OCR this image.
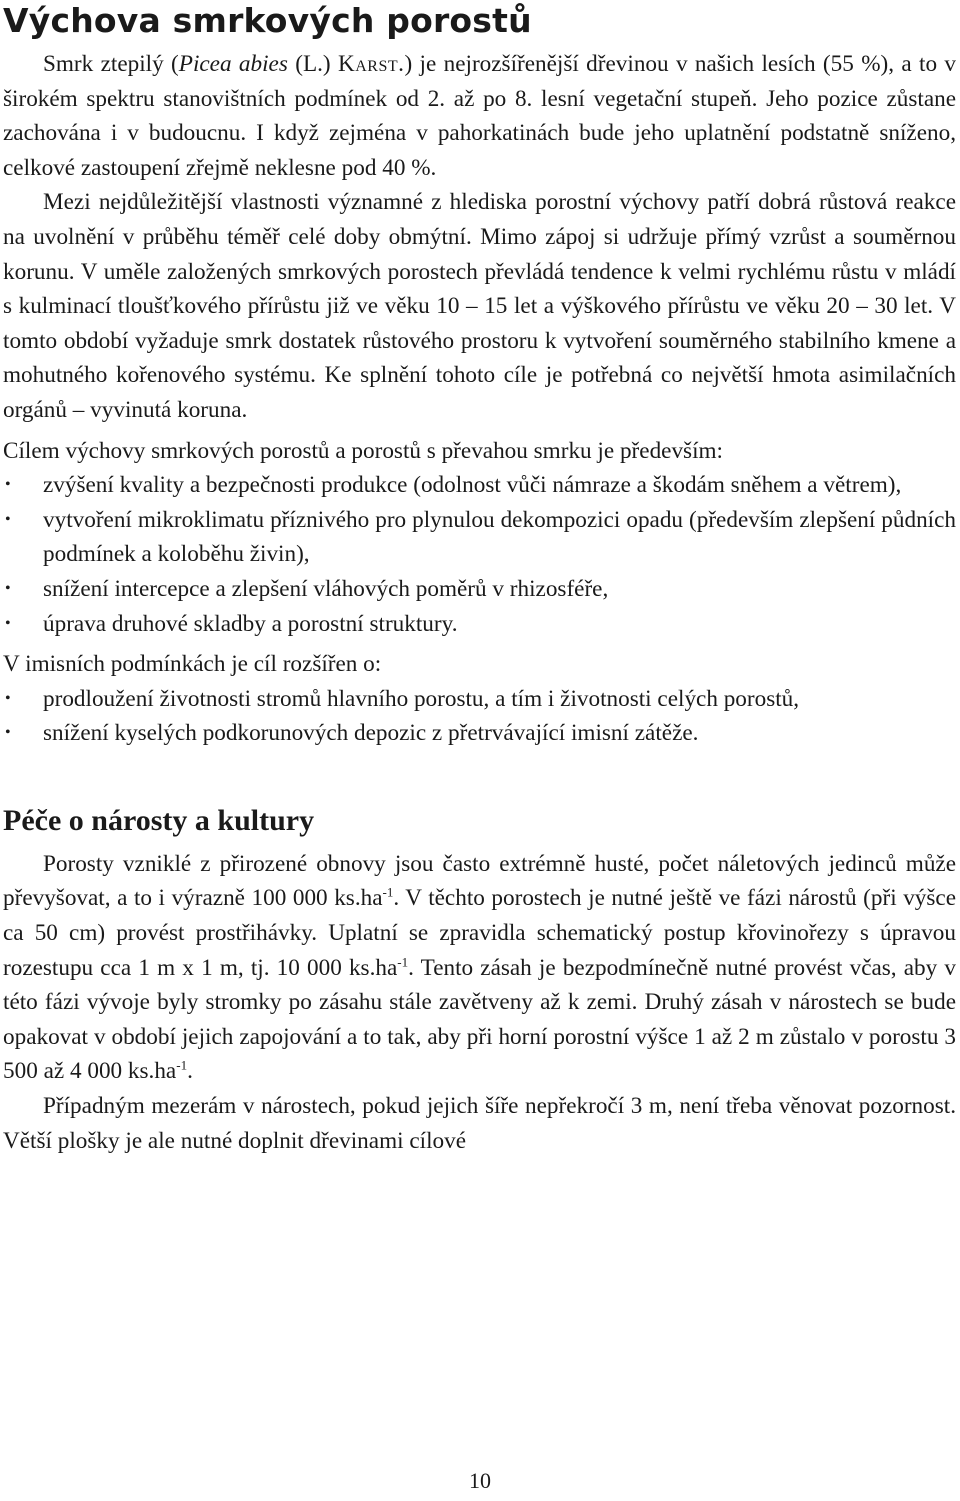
Výchova smrkových porostů

Smrk ztepilý (Picea abies (L.) Karst.) je nejrozšířenější dřevinou v našich lesích (55 %), a to v širokém spektru stanovištních podmínek od 2. až po 8. lesní vegetační stupeň. Jeho pozice zůstane zachována i v budoucnu. I když zejména v pahorkatinách bude jeho uplatnění podstatně sníženo, celkové zastoupení zřejmě neklesne pod 40 %.

Mezi nejdůležitější vlastnosti významné z hlediska porostní výchovy patří dobrá růstová reakce na uvolnění v průběhu téměř celé doby obmýtní. Mimo zápoj si udržuje přímý vzrůst a souměrnou korunu. V uměle založených smrkových porostech převládá tendence k velmi rychlému růstu v mládí s kulminací tloušťkového přírůstu již ve věku 10 – 15 let a výškového přírůstu ve věku 20 – 30 let. V tomto období vyžaduje smrk dostatek růstového prostoru k vytvoření souměrného stabilního kmene a mohutného kořenového systému. Ke splnění tohoto cíle je potřebná co největší hmota asimilačních orgánů – vyvinutá koruna.

Cílem výchovy smrkových porostů a porostů s převahou smrku je především:

• zvýšení kvality a bezpečnosti produkce (odolnost vůči námraze a škodám sněhem a větrem),
• vytvoření mikroklimatu příznivého pro plynulou dekompozici opadu (především zlepšení půdních podmínek a koloběhu živin),
• snížení intercepce a zlepšení vláhových poměrů v rhizosféře,
• úprava druhové skladby a porostní struktury.

V imisních podmínkách je cíl rozšířen o:

• prodloužení životnosti stromů hlavního porostu, a tím i životnosti celých porostů,
• snížení kyselých podkorunových depozic z přetrvávající imisní zátěže.
Péče o nárosty a kultury

Porosty vzniklé z přirozené obnovy jsou často extrémně husté, počet náletových jedinců může převyšovat, a to i výrazně 100 000 $ks.ha^{-1}$. V těchto porostech je nutné ještě ve fázi nárostů (při výšce ca 50 cm) provést prostřihávky. Uplatní se zpravidla schematický postup křovinořezy s úpravou rozestupu cca 1 m x 1 m, tj. 10 000 $ks.ha^{-1}$. Tento zásah je bezpodmínečně nutné provést včas, aby v této fázi vývoje byly stromky po zásahu stále zavětveny až k zemi. Druhý zásah v nárostech se bude opakovat v období jejich zapojování a to tak, aby při horní porostní výšce 1 až 2 m zůstalo v porostu 3 500 až 4 000 $ks.ha^{-1}$.

Případným mezerám v nárostech, pokud jejich šíře nepřekročí 3 m, není třeba věnovat pozornost. Větší plošky je ale nutné doplnit dřevinami cílové

10
